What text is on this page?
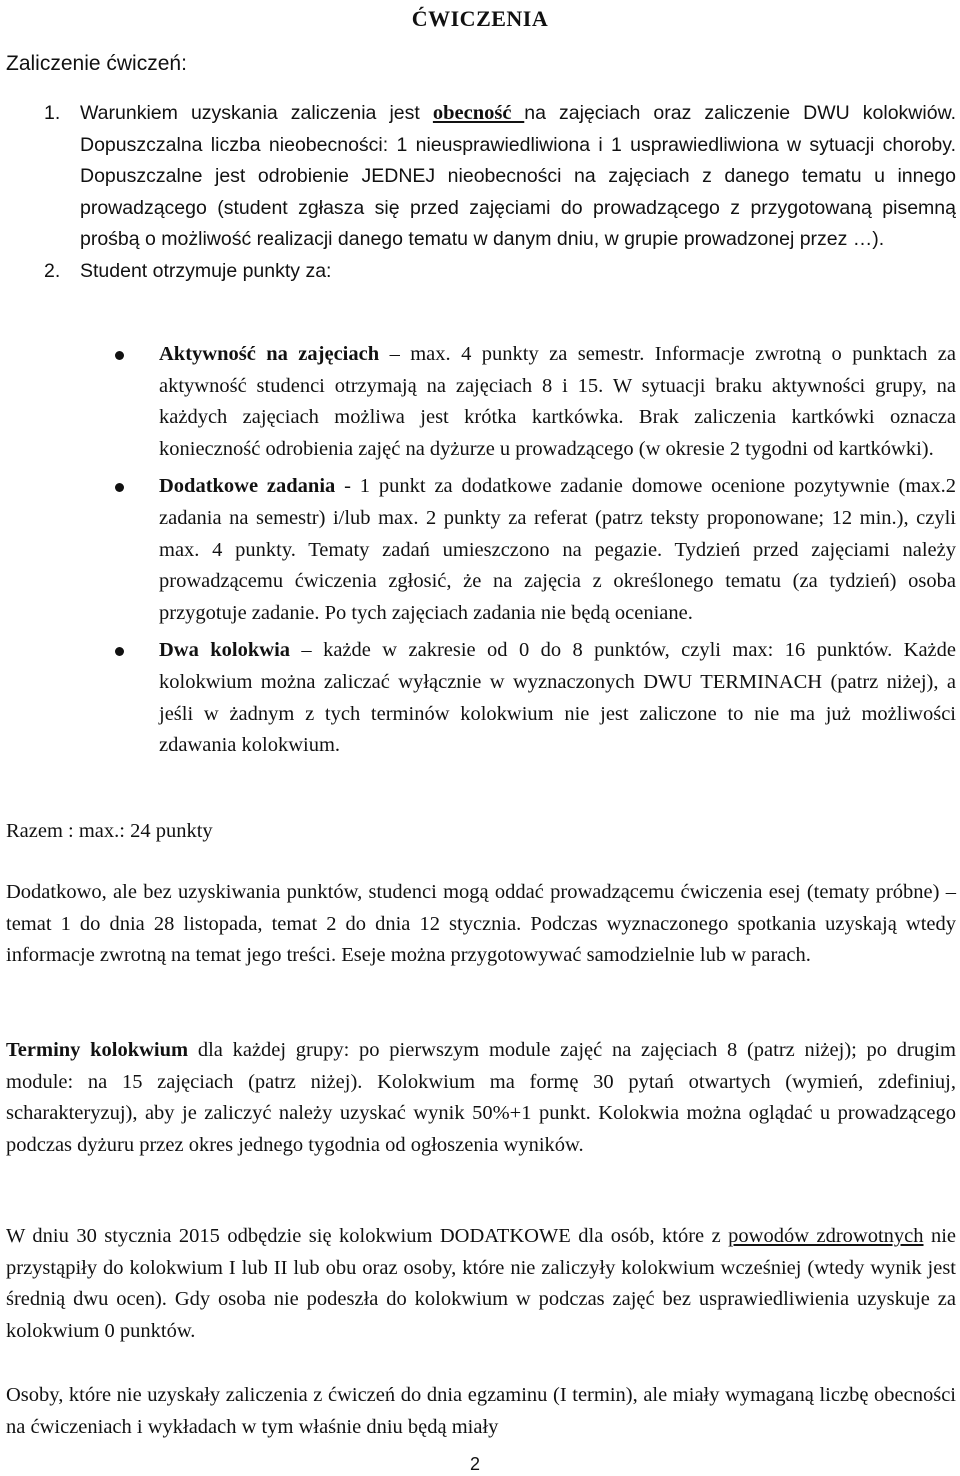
ĆWICZENIA
Zaliczenie ćwiczeń:
1. Warunkiem uzyskania zaliczenia jest obecność na zajęciach oraz zaliczenie DWU kolokwiów. Dopuszczalna liczba nieobecności: 1 nieusprawiedliwiona i 1 usprawiedliwiona w sytuacji choroby. Dopuszczalne jest odrobienie JEDNEJ nieobecności na zajęciach z danego tematu u innego prowadzącego (student zgłasza się przed zajęciami do prowadzącego z przygotowaną pisemną prośbą o możliwość realizacji danego tematu w danym dniu, w grupie prowadzonej przez …).

2. Student otrzymuje punkty za:

Aktywność na zajęciach – max. 4 punkty za semestr. Informacje zwrotną o punktach za aktywność studenci otrzymają na zajęciach 8 i 15. W sytuacji braku aktywności grupy, na każdych zajęciach możliwa jest krótka kartkówka. Brak zaliczenia kartkówki oznacza konieczność odrobienia zajęć na dyżurze u prowadzącego (w okresie 2 tygodni od kartkówki).

Dodatkowe zadania - 1 punkt za dodatkowe zadanie domowe ocenione pozytywnie (max.2 zadania na semestr) i/lub max. 2 punkty za referat (patrz teksty proponowane; 12 min.), czyli max. 4 punkty. Tematy zadań umieszczono na pegazie. Tydzień przed zajęciami należy prowadzącemu ćwiczenia zgłosić, że na zajęcia z określonego tematu (za tydzień) osoba przygotuje zadanie. Po tych zajęciach zadania nie będą oceniane.

Dwa kolokwia – każde w zakresie od 0 do 8 punktów, czyli max: 16 punktów. Każde kolokwium można zaliczać wyłącznie w wyznaczonych DWU TERMINACH (patrz niżej), a jeśli w żadnym z tych terminów kolokwium nie jest zaliczone to nie ma już możliwości zdawania kolokwium.

Razem : max.: 24 punkty

Dodatkowo, ale bez uzyskiwania punktów, studenci mogą oddać prowadzącemu ćwiczenia esej (tematy próbne) – temat 1 do dnia 28 listopada, temat 2 do dnia 12 stycznia. Podczas wyznaczonego spotkania uzyskają wtedy informacje zwrotną na temat jego treści. Eseje można przygotowywać samodzielnie lub w parach.

Terminy kolokwium dla każdej grupy: po pierwszym module zajęć na zajęciach 8 (patrz niżej); po drugim module: na 15 zajęciach (patrz niżej). Kolokwium ma formę 30 pytań otwartych (wymień, zdefiniuj, scharakteryzuj), aby je zaliczyć należy uzyskać wynik 50%+1 punkt. Kolokwia można oglądać u prowadzącego podczas dyżuru przez okres jednego tygodnia od ogłoszenia wyników.

W dniu 30 stycznia 2015 odbędzie się kolokwium DODATKOWE dla osób, które z powodów zdrowotnych nie przystąpiły do kolokwium I lub II lub obu oraz osoby, które nie zaliczyły kolokwium wcześniej (wtedy wynik jest średnią dwu ocen). Gdy osoba nie podeszła do kolokwium w podczas zajęć bez usprawiedliwienia uzyskuje za kolokwium 0 punktów.

Osoby, które nie uzyskały zaliczenia z ćwiczeń do dnia egzaminu (I termin), ale miały wymaganą liczbę obecności na ćwiczeniach i wykładach w tym właśnie dniu będą miały

2
